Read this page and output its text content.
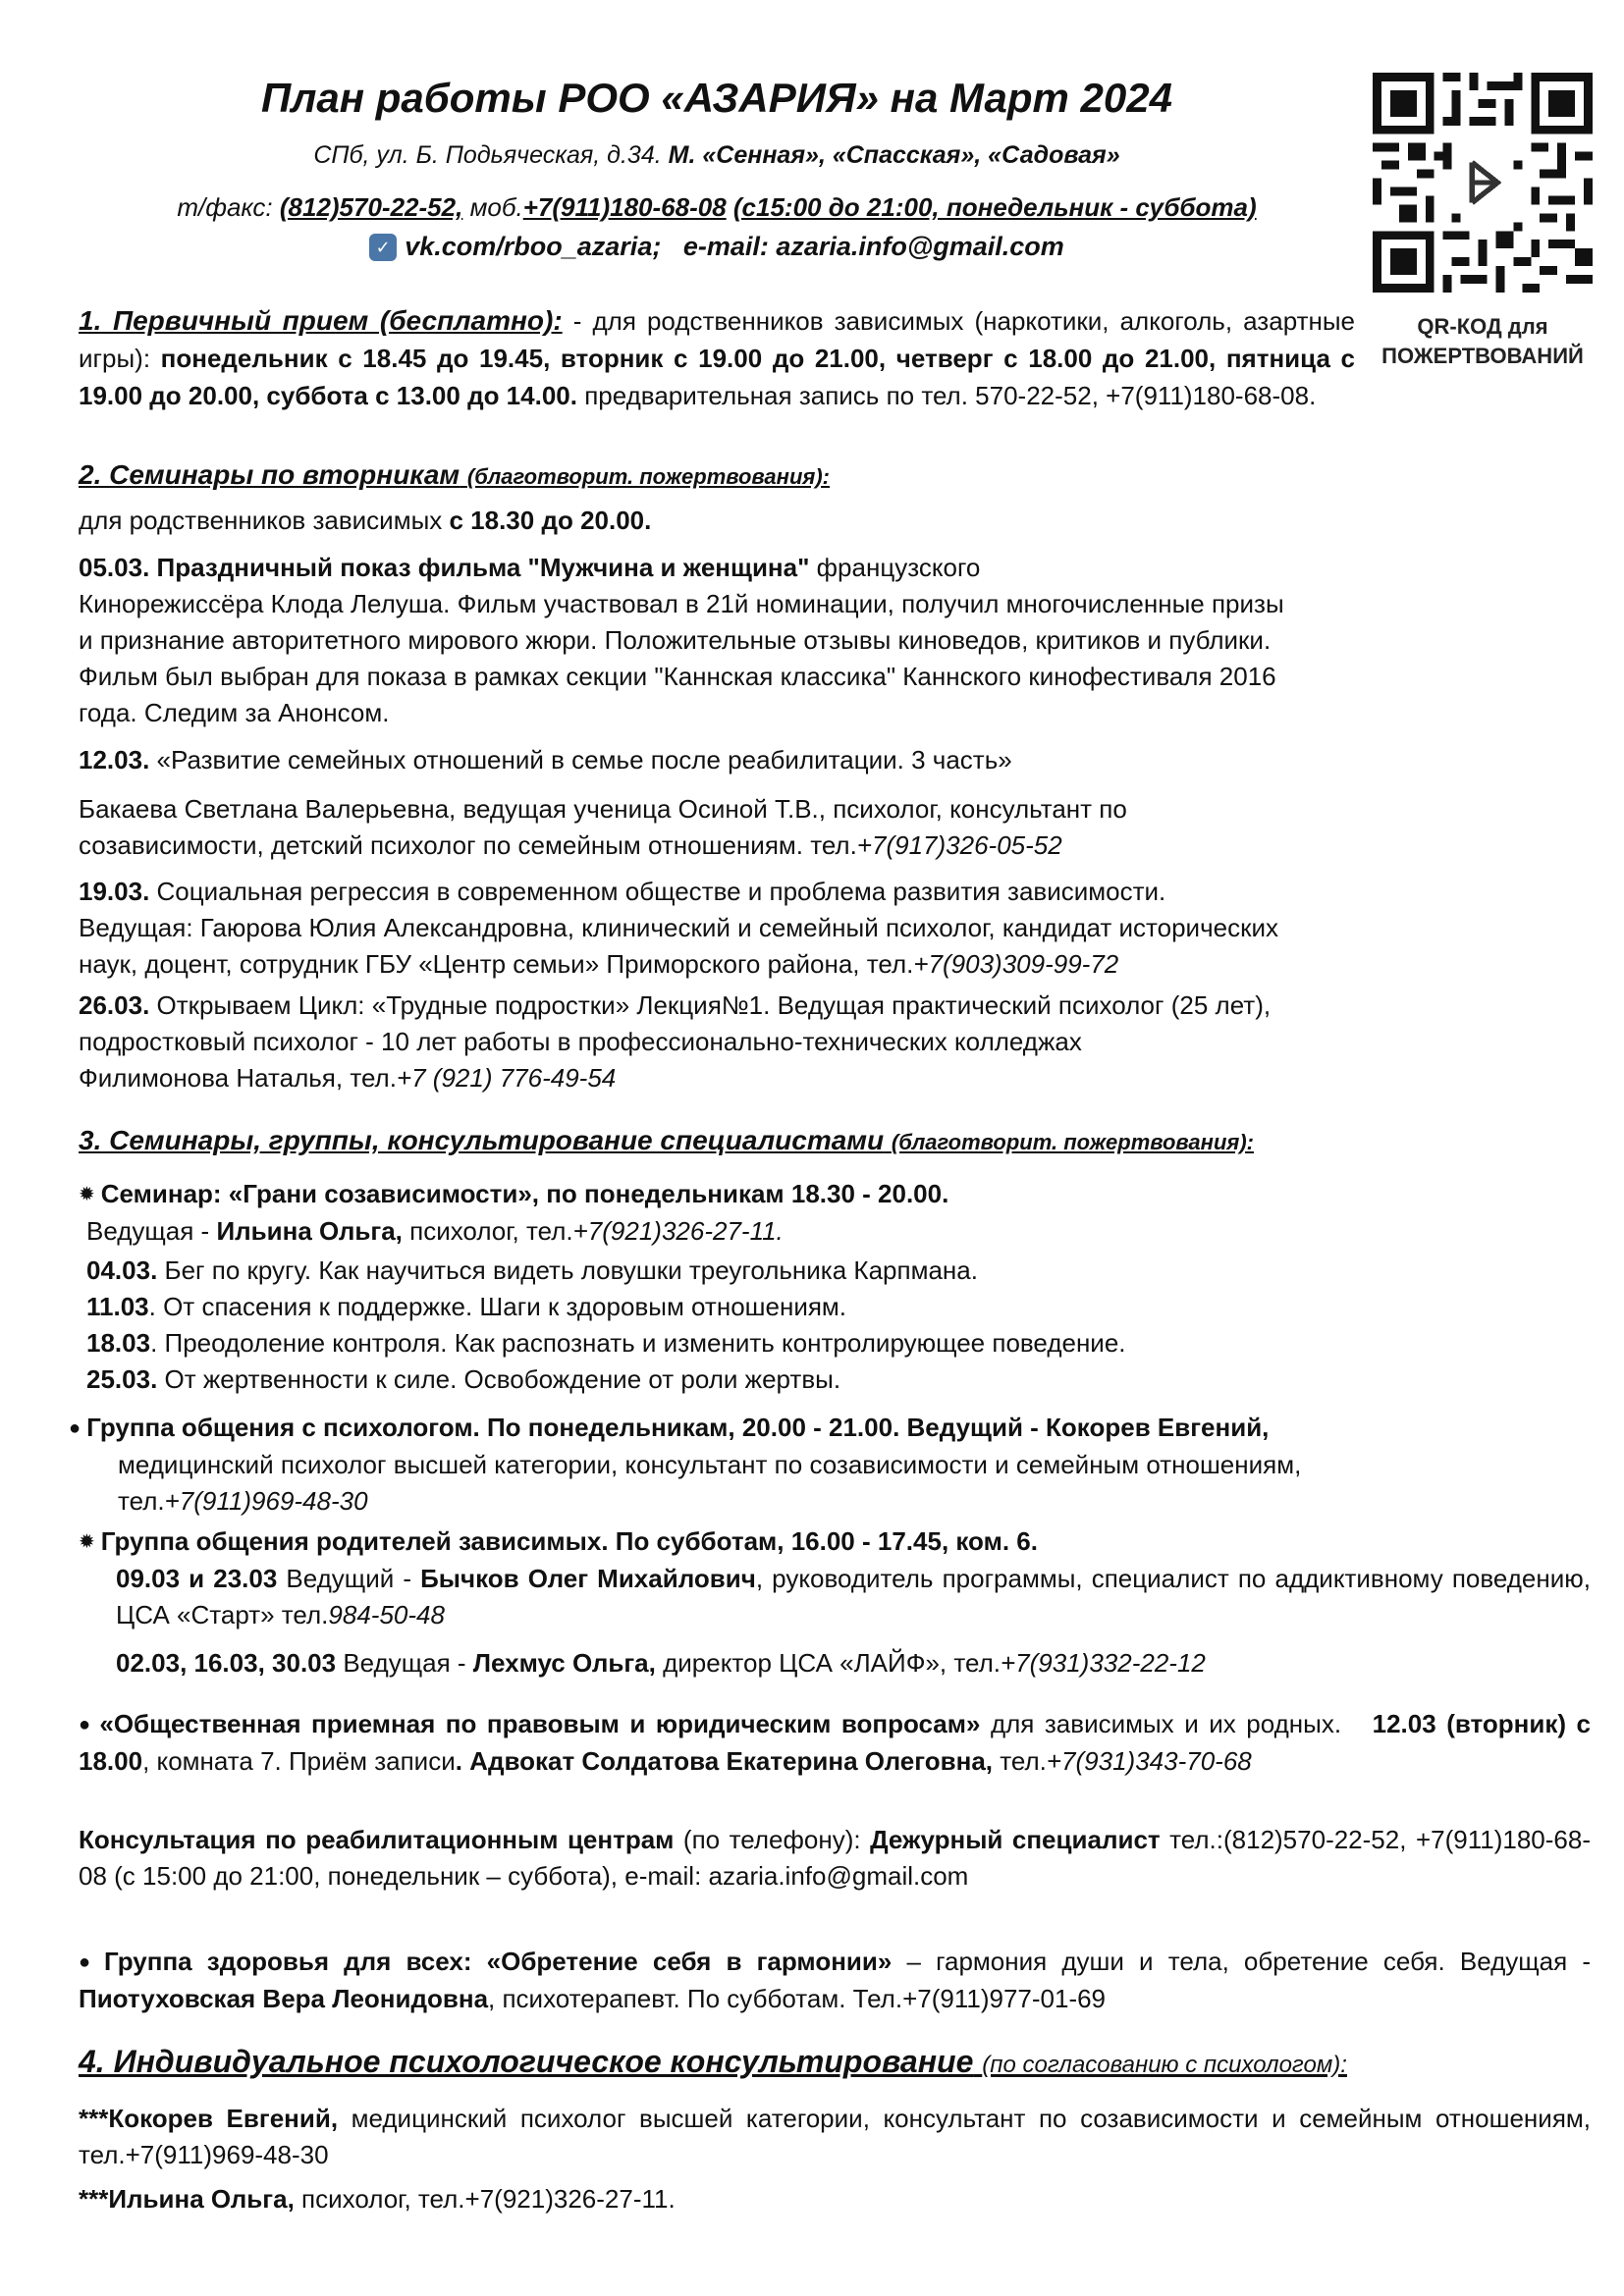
План работы РОО «АЗАРИЯ» на Март 2024
СПб, ул. Б. Подьяческая, д.34. М. «Сенная», «Спасская», «Садовая»
т/факс: (812)570-22-52, моб.+7(911)180-68-08 (с15:00 до 21:00, понедельник - суббота)
✓ vk.com/rboo_azaria; e-mail: azaria.info@gmail.com
QR-КОД для
ПОЖЕРТВОВАНИЙ
1. Первичный прием (бесплатно): - для родственников зависимых (наркотики, алкоголь, азартные игры): понедельник с 18.45 до 19.45, вторник с 19.00 до 21.00, четверг с 18.00 до 21.00, пятница с 19.00 до 20.00, суббота с 13.00 до 14.00. предварительная запись по тел. 570-22-52, +7(911)180-68-08.
2. Семинары по вторникам (благотворит. пожертвования):
для родственников зависимых с 18.30 до 20.00.
05.03. Праздничный показ фильма "Мужчина и женщина" французского
Кинорежиссёра Клода Лелуша. Фильм участвовал в 21й номинации, получил многочисленные призы
и признание авторитетного мирового жюри. Положительные отзывы киноведов, критиков и публики.
Фильм был выбран для показа в рамках секции "Каннская классика" Каннского кинофестиваля 2016
года. Следим за Анонсом.
12.03. «Развитие семейных отношений в семье после реабилитации. 3 часть»
Бакаева Светлана Валерьевна, ведущая ученица Осиной Т.В., психолог, консультант по
созависимости, детский психолог по семейным отношениям. тел.+7(917)326-05-52
19.03. Социальная регрессия в современном обществе и проблема развития зависимости.
Ведущая: Гаюрова Юлия Александровна, клинический и семейный психолог, кандидат исторических
наук, доцент, сотрудник ГБУ «Центр семьи» Приморского района, тел.+7(903)309-99-72
26.03. Открываем Цикл: «Трудные подростки» Лекция№1. Ведущая практический психолог (25 лет),
подростковый психолог - 10 лет работы в профессионально-технических колледжах
Филимонова Наталья, тел.+7 (921) 776-49-54
3. Семинары, группы, консультирование специалистами (благотворит. пожертвования):
✹ Семинар: «Грани созависимости», по понедельникам 18.30 - 20.00.
Ведущая - Ильина Ольга, психолог, тел.+7(921)326-27-11.
04.03. Бег по кругу. Как научиться видеть ловушки треугольника Карпмана.
11.03. От спасения к поддержке. Шаги к здоровым отношениям.
18.03. Преодоление контроля. Как распознать и изменить контролирующее поведение.
25.03. От жертвенности к силе. Освобождение от роли жертвы.
● Группа общения с психологом. По понедельникам, 20.00 - 21.00. Ведущий - Кокорев Евгений,
медицинский психолог высшей категории, консультант по созависимости и семейным отношениям,
тел.+7(911)969-48-30
✹ Группа общения родителей зависимых. По субботам, 16.00 - 17.45, ком. 6.
09.03 и 23.03 Ведущий - Бычков Олег Михайлович, руководитель программы, специалист по аддиктивному поведению, ЦСА «Старт» тел.984-50-48
02.03, 16.03, 30.03 Ведущая - Лехмус Ольга, директор ЦСА «ЛАЙФ», тел.+7(931)332-22-12
● «Общественная приемная по правовым и юридическим вопросам» для зависимых и их родных. 12.03 (вторник) с 18.00, комната 7. Приём записи. Адвокат Солдатова Екатерина Олеговна, тел.+7(931)343-70-68
Консультация по реабилитационным центрам (по телефону): Дежурный специалист тел.:(812)570-22-52, +7(911)180-68-08 (с 15:00 до 21:00, понедельник – суббота), e-mail: azaria.info@gmail.com
● Группа здоровья для всех: «Обретение себя в гармонии» – гармония души и тела, обретение себя. Ведущая - Пиотуховская Вера Леонидовна, психотерапевт. По субботам. Тел.+7(911)977-01-69
4. Индивидуальное психологическое консультирование (по согласованию с психологом):
***Кокорев Евгений, медицинский психолог высшей категории, консультант по созависимости и семейным отношениям, тел.+7(911)969-48-30
***Ильина Ольга, психолог, тел.+7(921)326-27-11.
